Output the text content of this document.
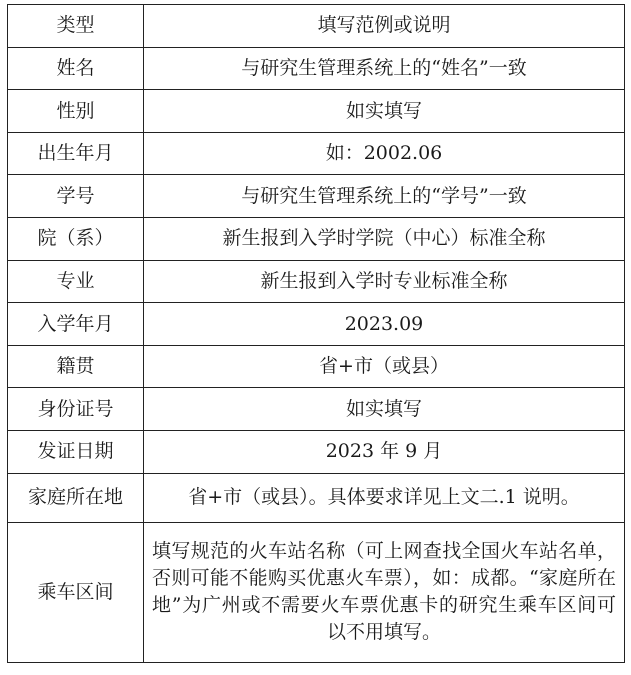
类型	填写范例或说明
姓名	与研究生管理系统上的“姓名”一致
性别	如实填写
出生年月	如：2002.06
学号	与研究生管理系统上的“学号”一致
院（系）	新生报到入学时学院（中心）标准全称
专业	新生报到入学时专业标准全称
入学年月	2023.09
籍贯	省+市（或县）
身份证号	如实填写
发证日期	2023 年 9 月
家庭所在地	省+市（或县）。具体要求详见上文二.1 说明。
乘车区间	填写规范的火车站名称（可上网查找全国火车站名单，否则可能不能购买优惠火车票），如：成都。“家庭所在地”为广州或不需要火车票优惠卡的研究生乘车区间可以不用填写。
